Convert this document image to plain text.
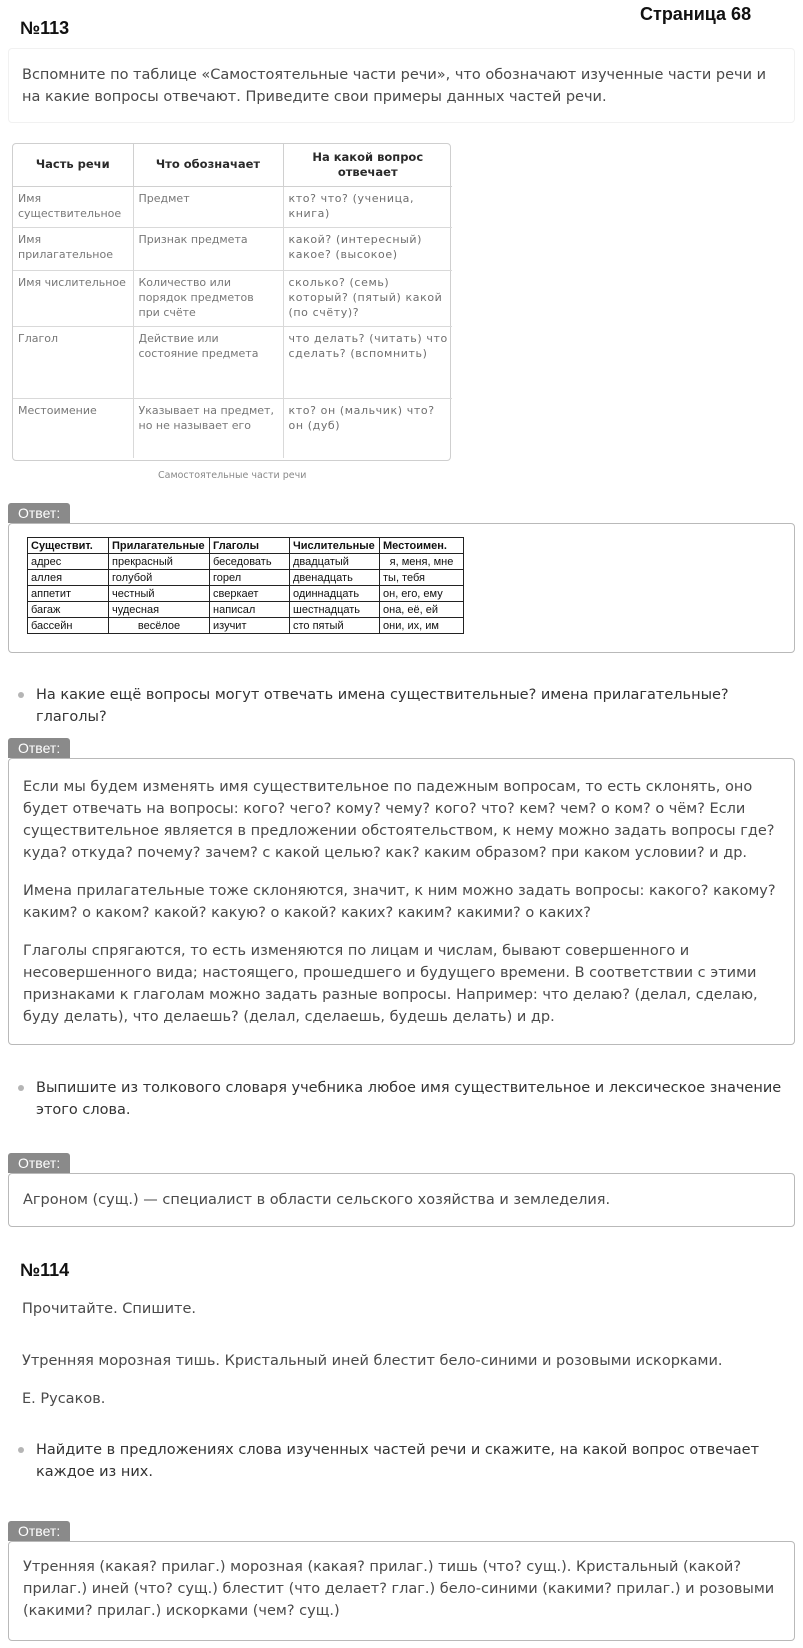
Страница 68
№113
Вспомните по таблице «Самостоятельные части речи», что обозначают изученные части речи и на какие вопросы отвечают. Приведите свои примеры данных частей речи.
Часть речи	Что обозначает	На какой вопрос отвечает
Имя существительное	Предмет	кто? что? (ученица, книга)
Имя прилагательное	Признак предмета	какой? (интересный) какое? (высокое)
Имя числительное	Количество или порядок предметов при счёте	сколько? (семь) который? (пятый) какой (по счёту)?
Глагол	Действие или состояние предмета	что делать? (читать) что сделать? (вспомнить)
Местоимение	Указывает на предмет, но не называет его	кто? он (мальчик) что? он (дуб)
Самостоятельные части речи
Ответ:
Существит.	Прилагательные	Глаголы	Числительные	Местоимен.
адрес	прекрасный	беседовать	двадцатый	я, меня, мне
аллея	голубой	горел	двенадцать	ты, тебя
аппетит	честный	сверкает	одиннадцать	он, его, ему
багаж	чудесная	написал	шестнадцать	она, её, ей
бассейн	весёлое	изучит	сто пятый	они, их, им
На какие ещё вопросы могут отвечать имена существительные? имена прилагательные? глаголы?
Ответ:

Если мы будем изменять имя существительное по падежным вопросам, то есть склонять, оно будет отвечать на вопросы: кого? чего? кому? чему? кого? что? кем? чем? о ком? о чём? Если существительное является в предложении обстоятельством, к нему можно задать вопросы где? куда? откуда? почему? зачем? с какой целью? как? каким образом? при каком условии? и др.

Имена прилагательные тоже склоняются, значит, к ним можно задать вопросы: какого? какому? каким? о каком? какой? какую? о какой? каких? каким? какими? о каких?

Глаголы спрягаются, то есть изменяются по лицам и числам, бывают совершенного и несовершенного вида; настоящего, прошедшего и будущего времени. В соответствии с этими признаками к глаголам можно задать разные вопросы. Например: что делаю? (делал, сделаю, буду делать), что делаешь? (делал, сделаешь, будешь делать) и др.

Выпишите из толкового словаря учебника любое имя существительное и лексическое значение этого слова.
Ответ:

Агроном (сущ.) — специалист в области сельского хозяйства и земледелия.

№114
Прочитайте. Спишите.
Утренняя морозная тишь. Кристальный иней блестит бело-синими и розовыми искорками.
Е. Русаков.
Найдите в предложениях слова изученных частей речи и скажите, на какой вопрос отвечает каждое из них.
Ответ:

Утренняя (какая? прилаг.) морозная (какая? прилаг.) тишь (что? сущ.). Кристальный (какой? прилаг.) иней (что? сущ.) блестит (что делает? глаг.) бело-синими (какими? прилаг.) и розовыми (какими? прилаг.) искорками (чем? сущ.)
